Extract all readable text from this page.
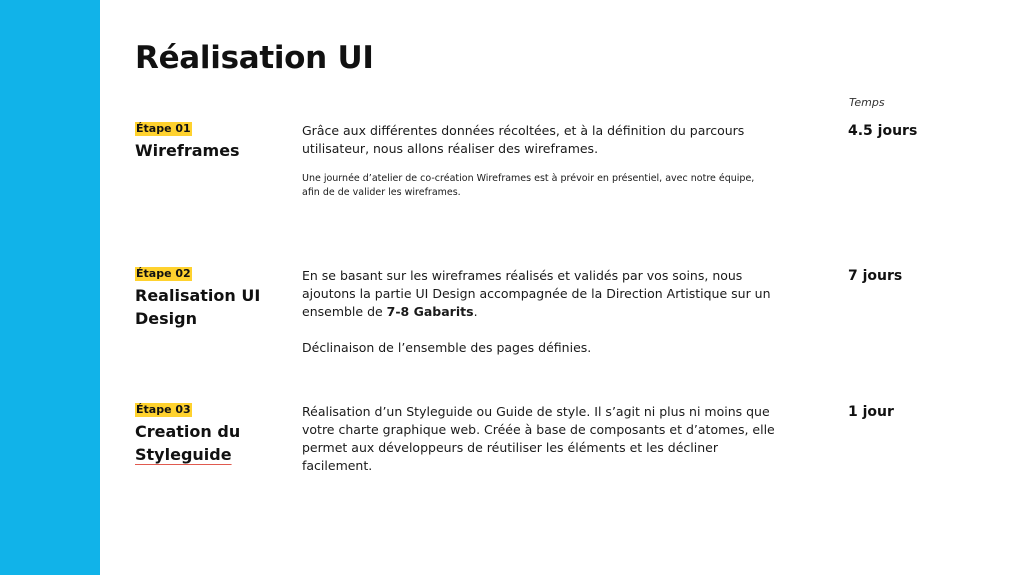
Réalisation UI
Temps
Étape 01
Wireframes

Grâce aux différentes données récoltées, et à la définition du parcours utilisateur, nous allons réaliser des wireframes.

Une journée d’atelier de co-création Wireframes est à prévoir en présentiel, avec notre équipe, afin de de valider les wireframes.

4.5 jours
Étape 02
Realisation UI
Design

En se basant sur les wireframes réalisés et validés par vos soins, nous ajoutons la partie UI Design accompagnée de la Direction Artistique sur un ensemble de 7-8 Gabarits.

Déclinaison de l’ensemble des pages définies.

7 jours
Étape 03
Creation du
Styleguide

Réalisation d’un Styleguide ou Guide de style. Il s’agit ni plus ni moins que votre charte graphique web. Créée à base de composants et d’atomes, elle permet aux développeurs de réutiliser les éléments et les décliner facilement.

1 jour
